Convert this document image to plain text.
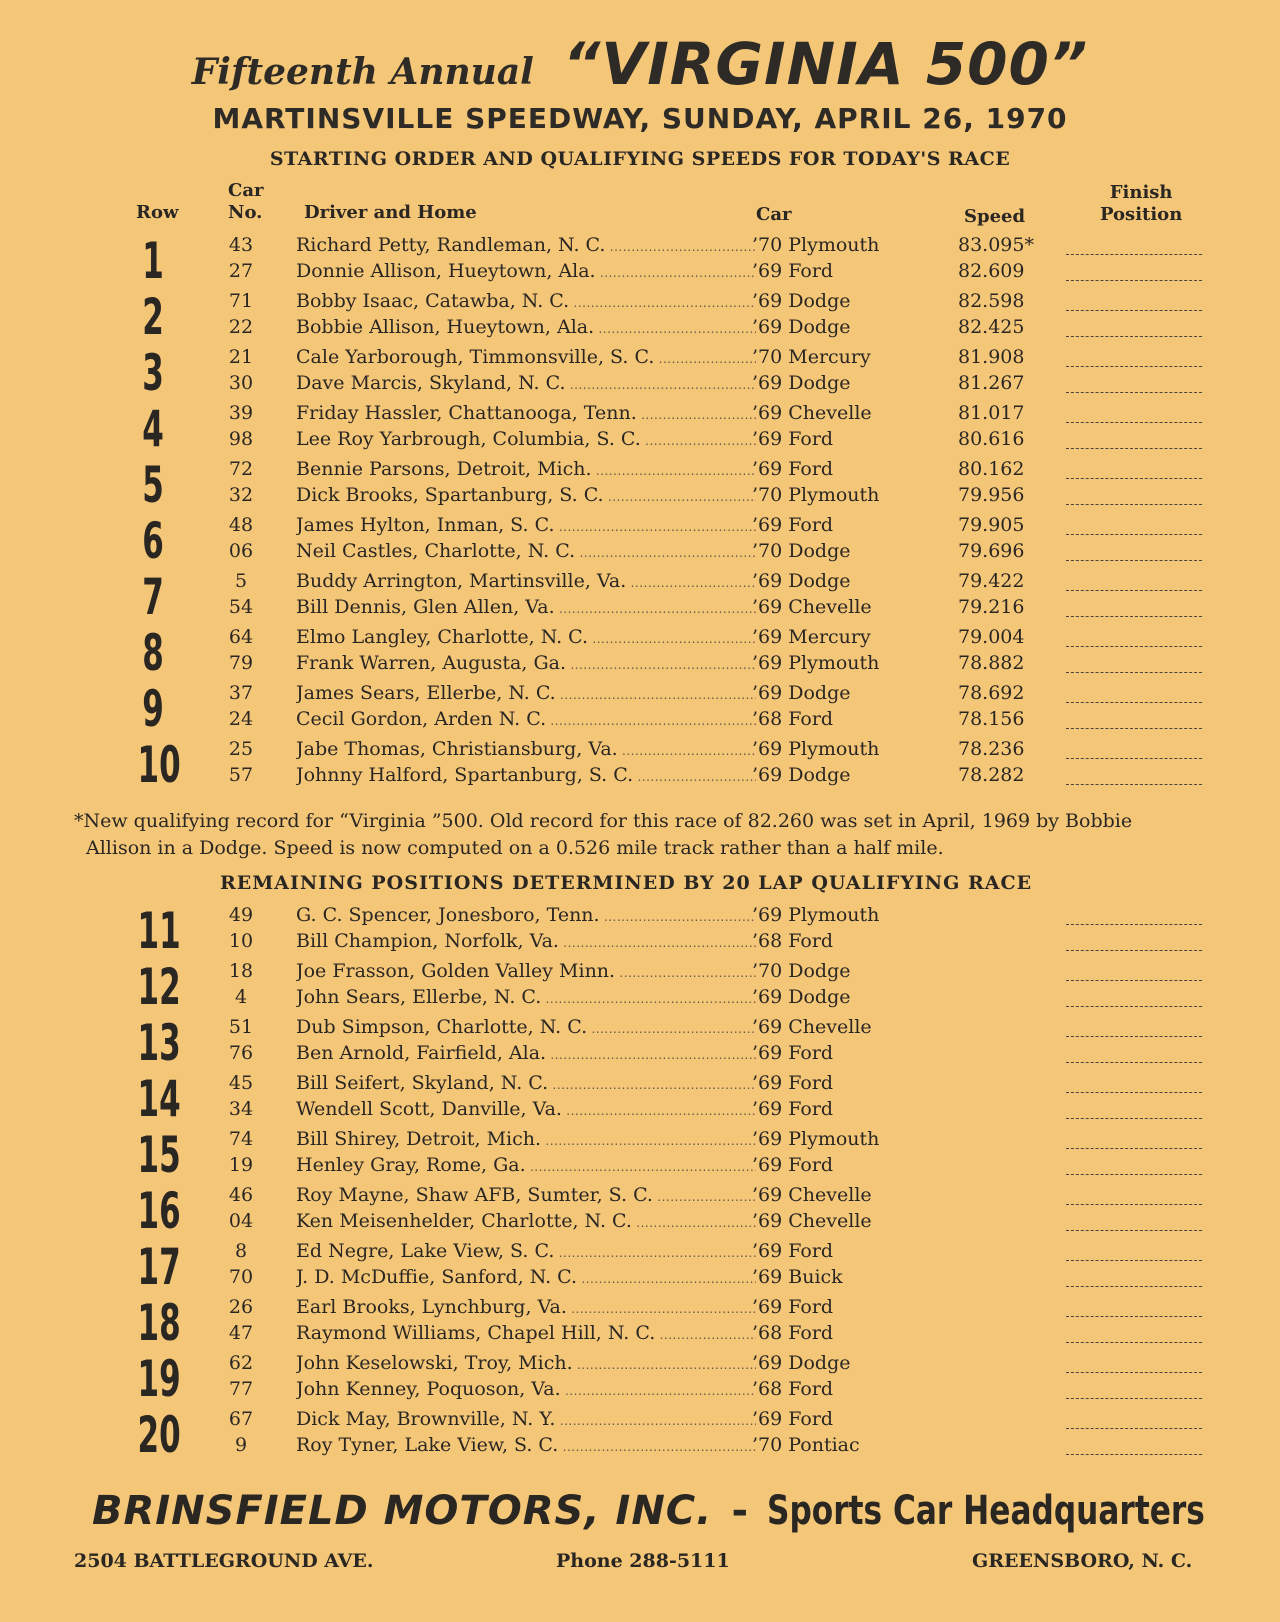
Fifteenth Annual “VIRGINIA 500”
MARTINSVILLE SPEEDWAY, SUNDAY, APRIL 26, 1970
STARTING ORDER AND QUALIFYING SPEEDS FOR TODAY'S RACE
Row
Car
No. Driver and Home	Car	Speed
Finish
Position
1	43	Richard Petty, Randleman, N. C. .....	’70 Plymouth	83.095*
27	Donnie Allison, Hueytown, Ala. .....	’69 Ford	82.609
2	71	Bobby Isaac, Catawba, N. C. .....	’69 Dodge	82.598
22	Bobbie Allison, Hueytown, Ala. .....	’69 Dodge	82.425
3	21	Cale Yarborough, Timmonsville, S. C. .....	’70 Mercury	81.908
30	Dave Marcis, Skyland, N. C. .....	’69 Dodge	81.267
4	39	Friday Hassler, Chattanooga, Tenn. .....	’69 Chevelle	81.017
98	Lee Roy Yarbrough, Columbia, S. C. .....	’69 Ford	80.616
5	72	Bennie Parsons, Detroit, Mich. .....	’69 Ford	80.162
32	Dick Brooks, Spartanburg, S. C. .....	’70 Plymouth	79.956
6	48	James Hylton, Inman, S. C. .....	’69 Ford	79.905
06	Neil Castles, Charlotte, N. C. .....	’70 Dodge	79.696
7	5	Buddy Arrington, Martinsville, Va. .....	’69 Dodge	79.422
54	Bill Dennis, Glen Allen, Va. .....	’69 Chevelle	79.216
8	64	Elmo Langley, Charlotte, N. C. .....	’69 Mercury	79.004
79	Frank Warren, Augusta, Ga. .....	’69 Plymouth	78.882
9	37	James Sears, Ellerbe, N. C. .....	’69 Dodge	78.692
24	Cecil Gordon, Arden N. C. .....	’68 Ford	78.156
10	25	Jabe Thomas, Christiansburg, Va. .....	’69 Plymouth	78.236
57	Johnny Halford, Spartanburg, S. C. .....	’69 Dodge	78.282
*New qualifying record for “Virginia ”500. Old record for this race of 82.260 was set in April, 1969 by Bobbie
Allison in a Dodge. Speed is now computed on a 0.526 mile track rather than a half mile.
REMAINING POSITIONS DETERMINED BY 20 LAP QUALIFYING RACE
11	49	G. C. Spencer, Jonesboro, Tenn. .....	’69 Plymouth
10	Bill Champion, Norfolk, Va. .....	’68 Ford
12	18	Joe Frasson, Golden Valley Minn. .....	’70 Dodge
4	John Sears, Ellerbe, N. C. .....	’69 Dodge
13	51	Dub Simpson, Charlotte, N. C. .....	’69 Chevelle
76	Ben Arnold, Fairfield, Ala. .....	’69 Ford
14	45	Bill Seifert, Skyland, N. C. .....	’69 Ford
34	Wendell Scott, Danville, Va. .....	’69 Ford
15	74	Bill Shirey, Detroit, Mich. .....	’69 Plymouth
19	Henley Gray, Rome, Ga. .....	’69 Ford
16	46	Roy Mayne, Shaw AFB, Sumter, S. C. .....	’69 Chevelle
04	Ken Meisenhelder, Charlotte, N. C. .....	’69 Chevelle
17	8	Ed Negre, Lake View, S. C. .....	’69 Ford
70	J. D. McDuffie, Sanford, N. C. .....	’69 Buick
18	26	Earl Brooks, Lynchburg, Va. .....	’69 Ford
47	Raymond Williams, Chapel Hill, N. C. .....	’68 Ford
19	62	John Keselowski, Troy, Mich. .....	’69 Dodge
77	John Kenney, Poquoson, Va. .....	’68 Ford
20	67	Dick May, Brownville, N. Y. .....	’69 Ford
9	Roy Tyner, Lake View, S. C. .....	’70 Pontiac
BRINSFIELD MOTORS, INC. - Sports Car Headquarters
2504 BATTLEGROUND AVE.	Phone 288-5111	GREENSBORO, N. C.
